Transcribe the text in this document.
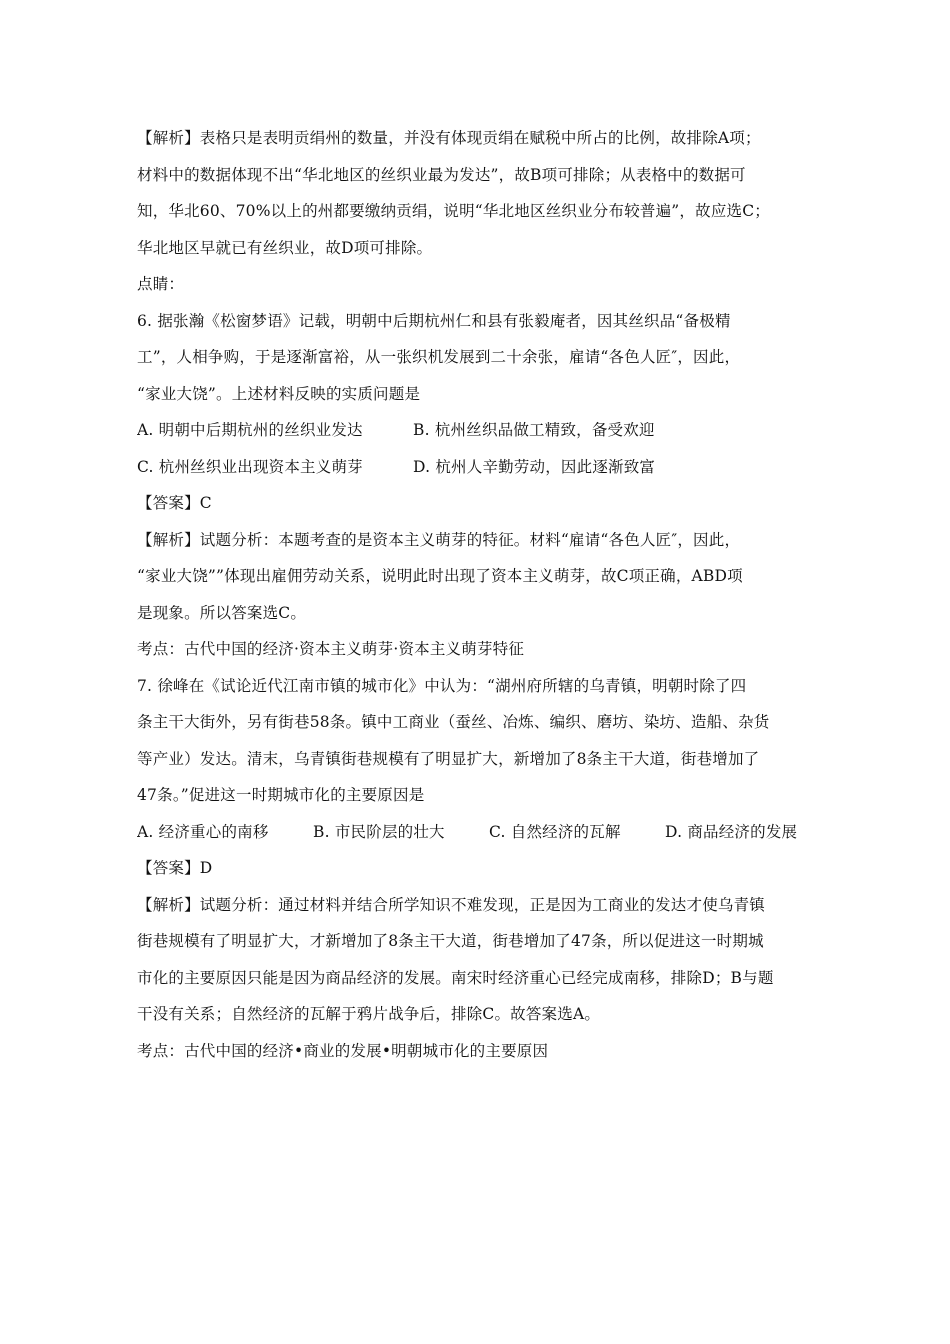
【解析】表格只是表明贡绢州的数量，并没有体现贡绢在赋税中所占的比例，故排除A项；
材料中的数据体现不出“华北地区的丝织业最为发达”，故B项可排除；从表格中的数据可
知，华北60、70%以上的州都要缴纳贡绢，说明“华北地区丝织业分布较普遍”，故应选C；
华北地区早就已有丝织业，故D项可排除。
点睛：
6. 据张瀚《松窗梦语》记载，明朝中后期杭州仁和县有张毅庵者，因其丝织品“备极精
工”，人相争购，于是逐渐富裕，从一张织机发展到二十余张，雇请“各色人匠″，因此，
“家业大饶”。上述材料反映的实质问题是
A. 明朝中后期杭州的丝织业发达	B. 杭州丝织品做工精致，备受欢迎
C. 杭州丝织业出现资本主义萌芽	D. 杭州人辛勤劳动，因此逐渐致富
【答案】C
【解析】试题分析：本题考查的是资本主义萌芽的特征。材料“雇请“各色人匠″，因此，
“家业大饶””体现出雇佣劳动关系，说明此时出现了资本主义萌芽，故C项正确，ABD项
是现象。所以答案选C。
考点：古代中国的经济·资本主义萌芽·资本主义萌芽特征
7. 徐峰在《试论近代江南市镇的城市化》中认为：“湖州府所辖的乌青镇，明朝时除了四
条主干大街外，另有街巷58条。镇中工商业（蚕丝、冶炼、编织、磨坊、染坊、造船、杂货
等产业）发达。清末，乌青镇街巷规模有了明显扩大，新增加了8条主干大道，街巷增加了
47条。”促进这一时期城市化的主要原因是
A. 经济重心的南移	B. 市民阶层的壮大	C. 自然经济的瓦解	D. 商品经济的发展
【答案】D
【解析】试题分析：通过材料并结合所学知识不难发现，正是因为工商业的发达才使乌青镇
街巷规模有了明显扩大，才新增加了8条主干大道，街巷增加了47条，所以促进这一时期城
市化的主要原因只能是因为商品经济的发展。南宋时经济重心已经完成南移，排除D；B与题
干没有关系；自然经济的瓦解于鸦片战争后，排除C。故答案选A。
考点：古代中国的经济•商业的发展•明朝城市化的主要原因
